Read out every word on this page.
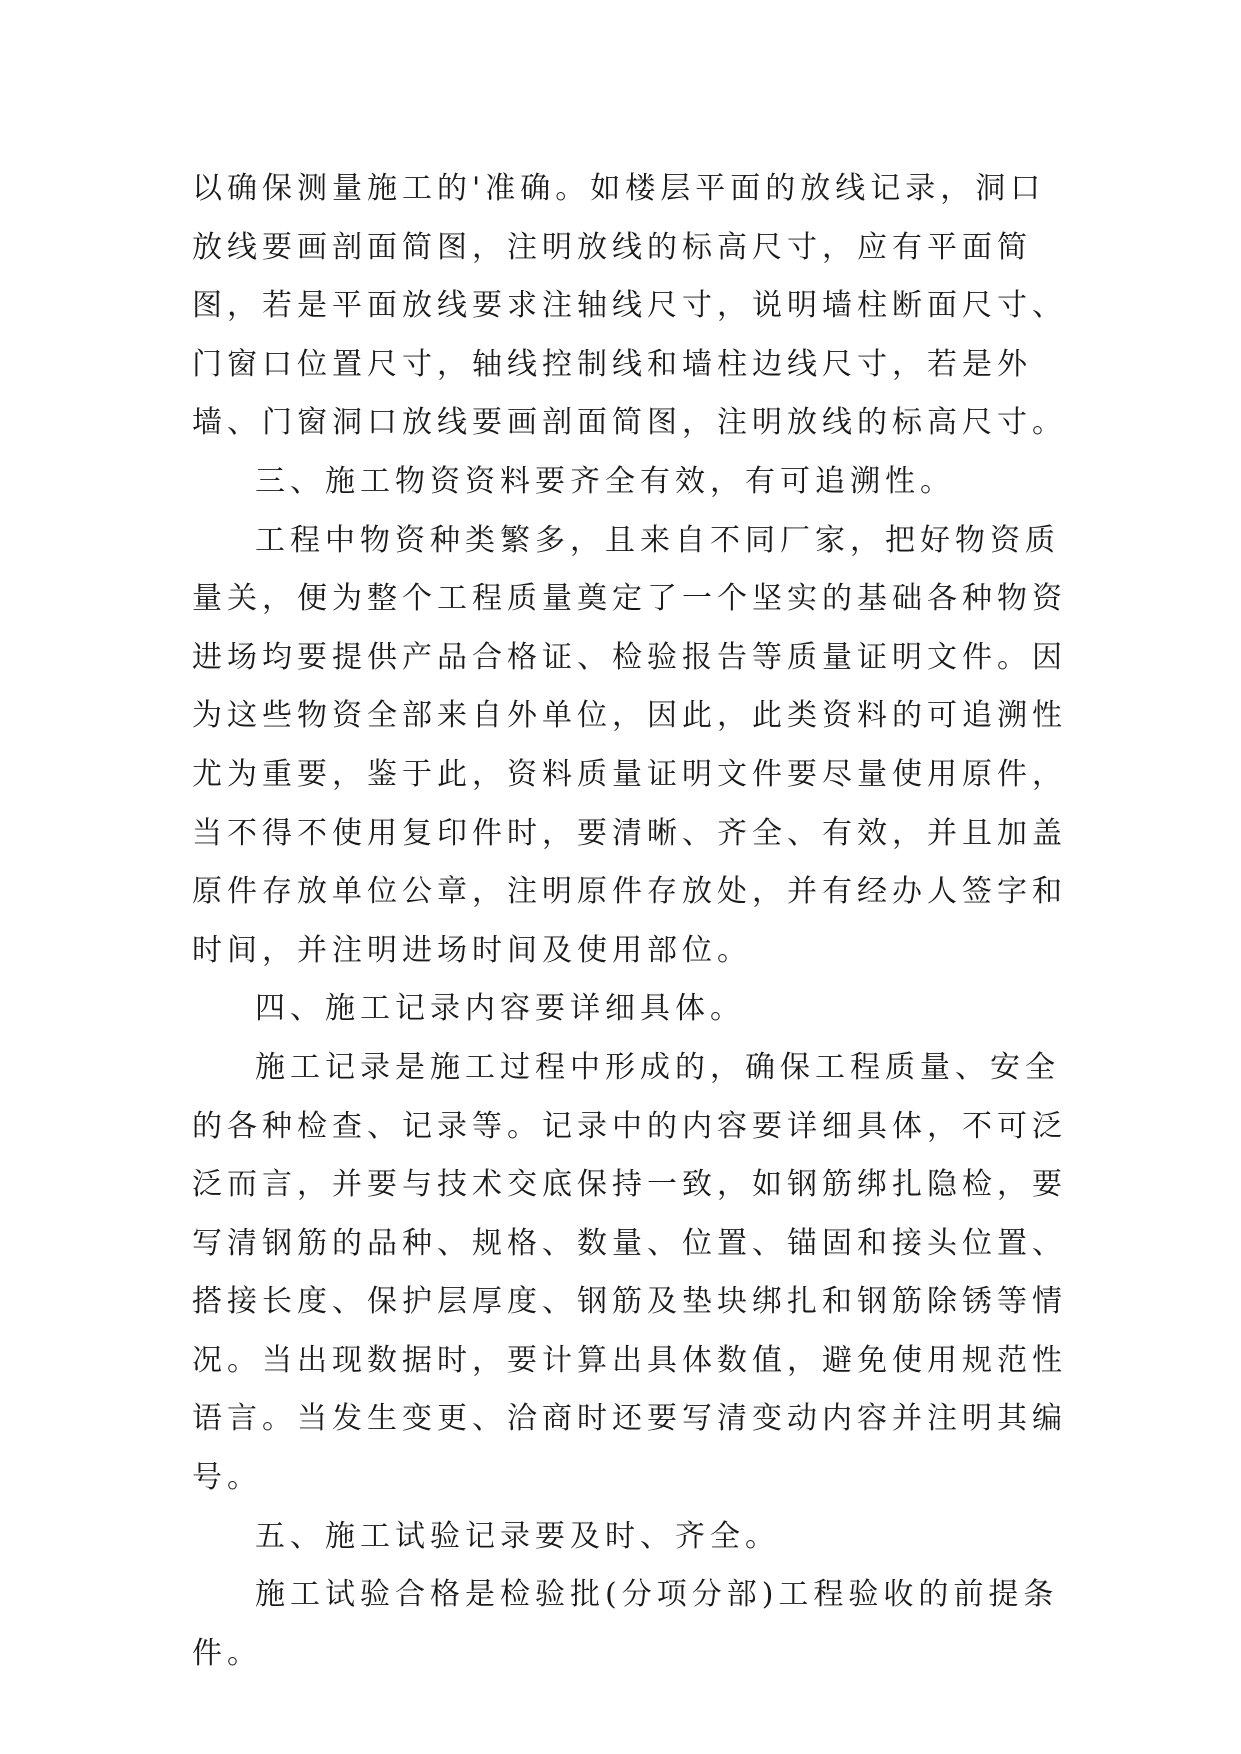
以确保测量施工的'准确。如楼层平面的放线记录，洞口放线要画剖面简图，注明放线的标高尺寸，应有平面简图，若是平面放线要求注轴线尺寸，说明墙柱断面尺寸、门窗口位置尺寸，轴线控制线和墙柱边线尺寸，若是外墙、门窗洞口放线要画剖面简图，注明放线的标高尺寸。

三、施工物资资料要齐全有效，有可追溯性。

工程中物资种类繁多，且来自不同厂家，把好物资质量关，便为整个工程质量奠定了一个坚实的基础各种物资进场均要提供产品合格证、检验报告等质量证明文件。因为这些物资全部来自外单位，因此，此类资料的可追溯性尤为重要，鉴于此，资料质量证明文件要尽量使用原件，当不得不使用复印件时，要清晰、齐全、有效，并且加盖原件存放单位公章，注明原件存放处，并有经办人签字和时间，并注明进场时间及使用部位。

四、施工记录内容要详细具体。

施工记录是施工过程中形成的，确保工程质量、安全的各种检查、记录等。记录中的内容要详细具体，不可泛泛而言，并要与技术交底保持一致，如钢筋绑扎隐检，要写清钢筋的品种、规格、数量、位置、锚固和接头位置、搭接长度、保护层厚度、钢筋及垫块绑扎和钢筋除锈等情况。当出现数据时，要计算出具体数值，避免使用规范性语言。当发生变更、洽商时还要写清变动内容并注明其编号。

五、施工试验记录要及时、齐全。

施工试验合格是检验批(分项分部)工程验收的前提条件。
